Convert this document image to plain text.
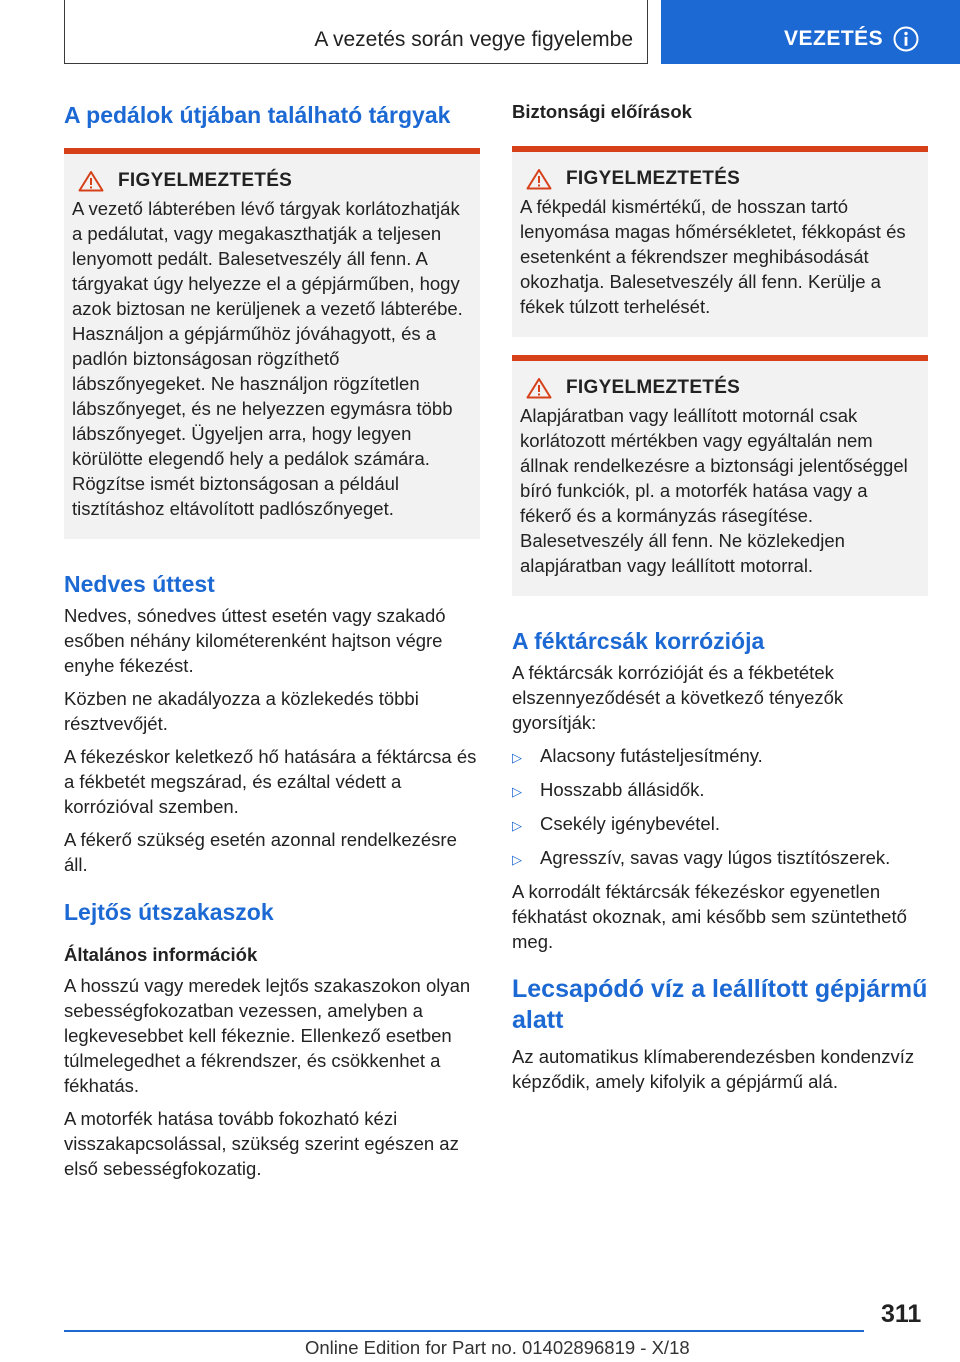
A vezetés során vegye figyelembe	VEZETÉS
A pedálok útjában található tárgyak
FIGYELMEZTETÉS

A vezető lábterében lévő tárgyak korlátozhatják a pedálutat, vagy megakaszthatják a teljesen lenyomott pedált. Balesetveszély áll fenn. A tárgyakat úgy helyezze el a gépjárműben, hogy azok biztosan ne kerüljenek a vezető lábterébe. Használjon a gépjárműhöz jóváhagyott, és a padlón biztonságosan rögzíthető lábszőnyegeket. Ne használjon rögzítetlen lábszőnyeget, és ne helyezzen egymásra több lábszőnyeget. Ügyeljen arra, hogy legyen körülötte elegendő hely a pedálok számára. Rögzítse ismét biztonságosan a például tisztításhoz eltávolított padlószőnyeget.

Nedves úttest

Nedves, sónedves úttest esetén vagy szakadó esőben néhány kilométerenként hajtson végre enyhe fékezést.

Közben ne akadályozza a közlekedés többi résztvevőjét.

A fékezéskor keletkező hő hatására a féktárcsa és a fékbetét megszárad, és ezáltal védett a korrózióval szemben.

A fékerő szükség esetén azonnal rendelkezésre áll.

Lejtős útszakaszok
Általános információk

A hosszú vagy meredek lejtős szakaszokon olyan sebességfokozatban vezessen, amelyben a legkevesebbet kell fékeznie. Ellenkező esetben túlmelegedhet a fékrendszer, és csökkenhet a fékhatás.

A motorfék hatása tovább fokozható kézi visszakapcsolással, szükség szerint egészen az első sebességfokozatig.

Biztonsági előírások
FIGYELMEZTETÉS

A fékpedál kismértékű, de hosszan tartó lenyomása magas hőmérsékletet, fékkopást és esetenként a fékrendszer meghibásodását okozhatja. Balesetveszély áll fenn. Kerülje a fékek túlzott terhelését.

FIGYELMEZTETÉS

Alapjáratban vagy leállított motornál csak korlátozott mértékben vagy egyáltalán nem állnak rendelkezésre a biztonsági jelentőséggel bíró funkciók, pl. a motorfék hatása vagy a fékerő és a kormányzás rásegítése. Balesetveszély áll fenn. Ne közlekedjen alapjáratban vagy leállított motorral.

A féktárcsák korróziója

A féktárcsák korrózióját és a fékbetétek elszennyeződését a következő tényezők gyorsítják:

▷ Alacsony futásteljesítmény.
▷ Hosszabb állásidők.
▷ Csekély igénybevétel.
▷ Agresszív, savas vagy lúgos tisztítószerek.

A korrodált féktárcsák fékezéskor egyenetlen fékhatást okoznak, ami később sem szüntethető meg.

Lecsapódó víz a leállított gépjármű alatt

Az automatikus klímaberendezésben kondenzvíz képződik, amely kifolyik a gépjármű alá.

311
Online Edition for Part no. 01402896819 - X/18
